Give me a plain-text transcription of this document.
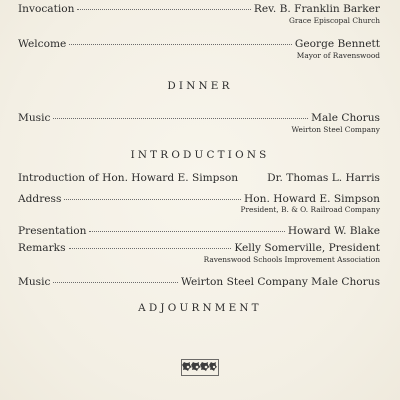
Invocation	Rev. B. Franklin Barker
Grace Episcopal Church
Welcome	George Bennett
Mayor of Ravenswood
DINNER
Music	Male Chorus
Weirton Steel Company
INTRODUCTIONS
Introduction of Hon. Howard E. Simpson	Dr. Thomas L. Harris
Address	Hon. Howard E. Simpson
President, B. & O. Railroad Company
Presentation	Howard W. Blake
Remarks	Kelly Somerville, President
Ravenswood Schools Improvement Association
Music	Weirton Steel Company Male Chorus
ADJOURNMENT
